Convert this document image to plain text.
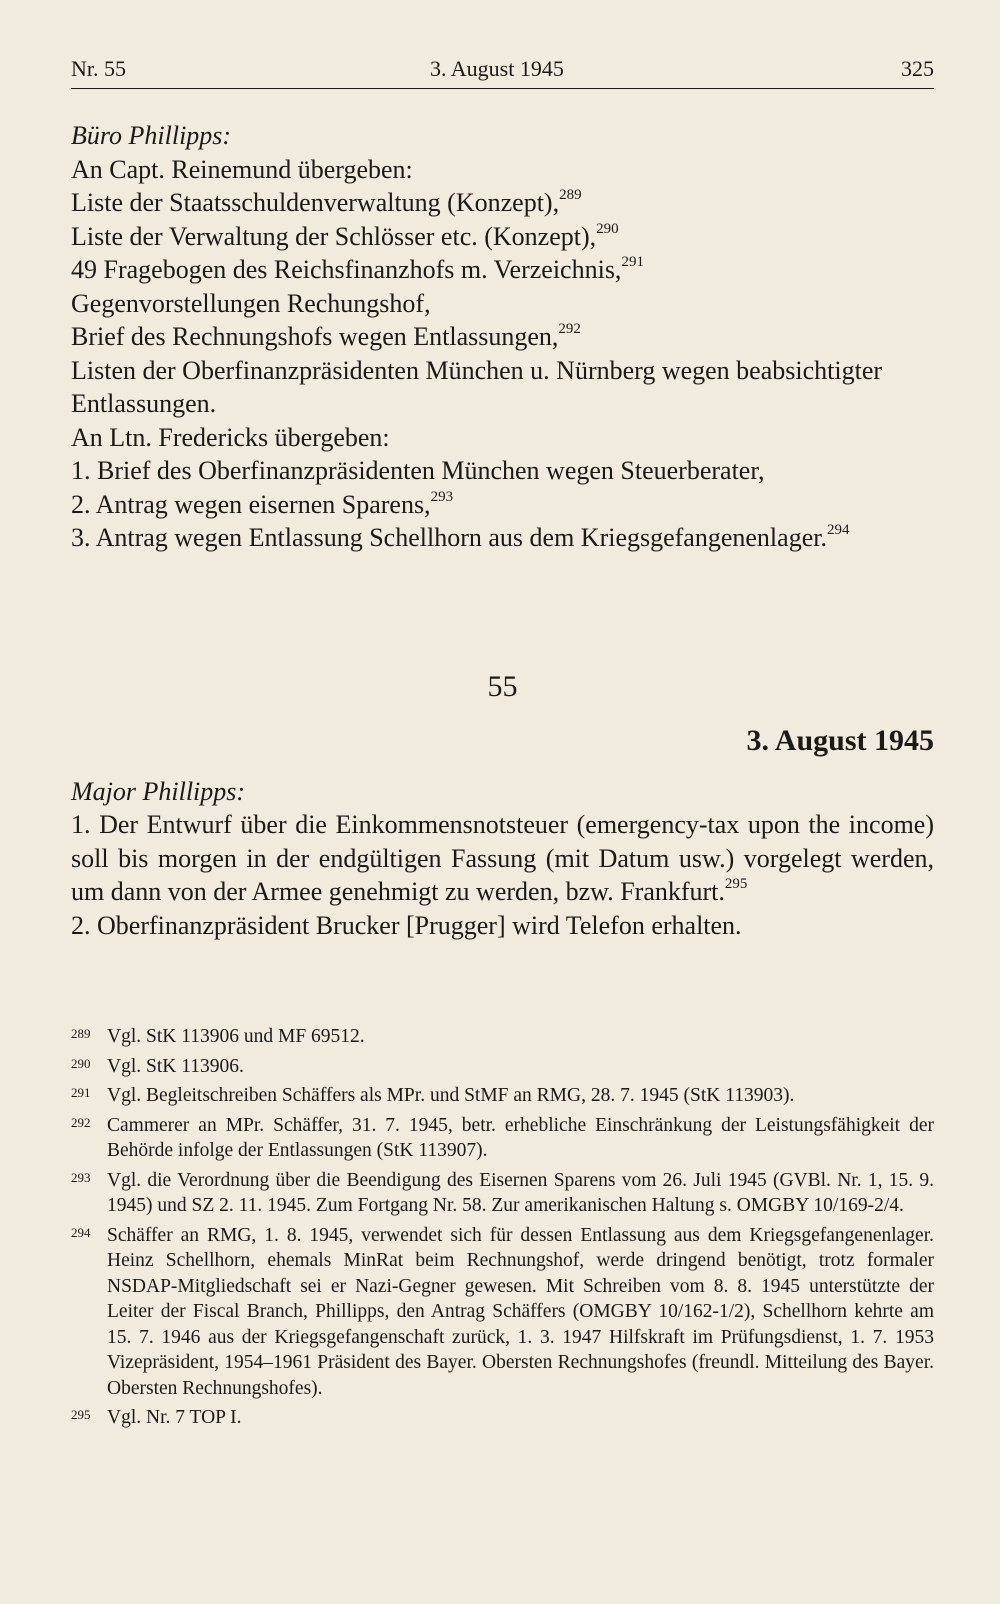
Nr. 55	3. August 1945	325

Büro Phillipps:

An Capt. Reinemund übergeben:

Liste der Staatsschuldenverwaltung (Konzept),$^{289}$

Liste der Verwaltung der Schlösser etc. (Konzept),$^{290}$

49 Fragebogen des Reichsfinanzhofs m. Verzeichnis,$^{291}$

Gegenvorstellungen Rechungshof,

Brief des Rechnungshofs wegen Entlassungen,$^{292}$

Listen der Oberfinanzpräsidenten München u. Nürnberg wegen beabsichtigter Entlassungen.

An Ltn. Fredericks übergeben:

1. Brief des Oberfinanzpräsidenten München wegen Steuerberater,

2. Antrag wegen eisernen Sparens,$^{293}$

3. Antrag wegen Entlassung Schellhorn aus dem Kriegsgefangenenlager.$^{294}$

55
3. August 1945

Major Phillipps:

1. Der Entwurf über die Einkommensnotsteuer (emergency-tax upon the income) soll bis morgen in der endgültigen Fassung (mit Datum usw.) vorgelegt werden, um dann von der Armee genehmigt zu werden, bzw. Frankfurt.$^{295}$

2. Oberfinanzpräsident Brucker [Prugger] wird Telefon erhalten.

289 Vgl. StK 113906 und MF 69512.
290 Vgl. StK 113906.
291 Vgl. Begleitschreiben Schäffers als MPr. und StMF an RMG, 28. 7. 1945 (StK 113903).
292 Cammerer an MPr. Schäffer, 31. 7. 1945, betr. erhebliche Einschränkung der Leistungsfähigkeit der Behörde infolge der Entlassungen (StK 113907).
293 Vgl. die Verordnung über die Beendigung des Eisernen Sparens vom 26. Juli 1945 (GVBl. Nr. 1, 15. 9. 1945) und SZ 2. 11. 1945. Zum Fortgang Nr. 58. Zur amerikanischen Haltung s. OMGBY 10/169-2/4.
294 Schäffer an RMG, 1. 8. 1945, verwendet sich für dessen Entlassung aus dem Kriegsgefangenenlager. Heinz Schellhorn, ehemals MinRat beim Rechnungshof, werde dringend benötigt, trotz formaler NSDAP-Mitgliedschaft sei er Nazi-Gegner gewesen. Mit Schreiben vom 8. 8. 1945 unterstützte der Leiter der Fiscal Branch, Phillipps, den Antrag Schäffers (OMGBY 10/162-1/2), Schellhorn kehrte am 15. 7. 1946 aus der Kriegsgefangenschaft zurück, 1. 3. 1947 Hilfskraft im Prüfungsdienst, 1. 7. 1953 Vizepräsident, 1954–1961 Präsident des Bayer. Obersten Rechnungshofes (freundl. Mitteilung des Bayer. Obersten Rechnungshofes).
295 Vgl. Nr. 7 TOP I.
